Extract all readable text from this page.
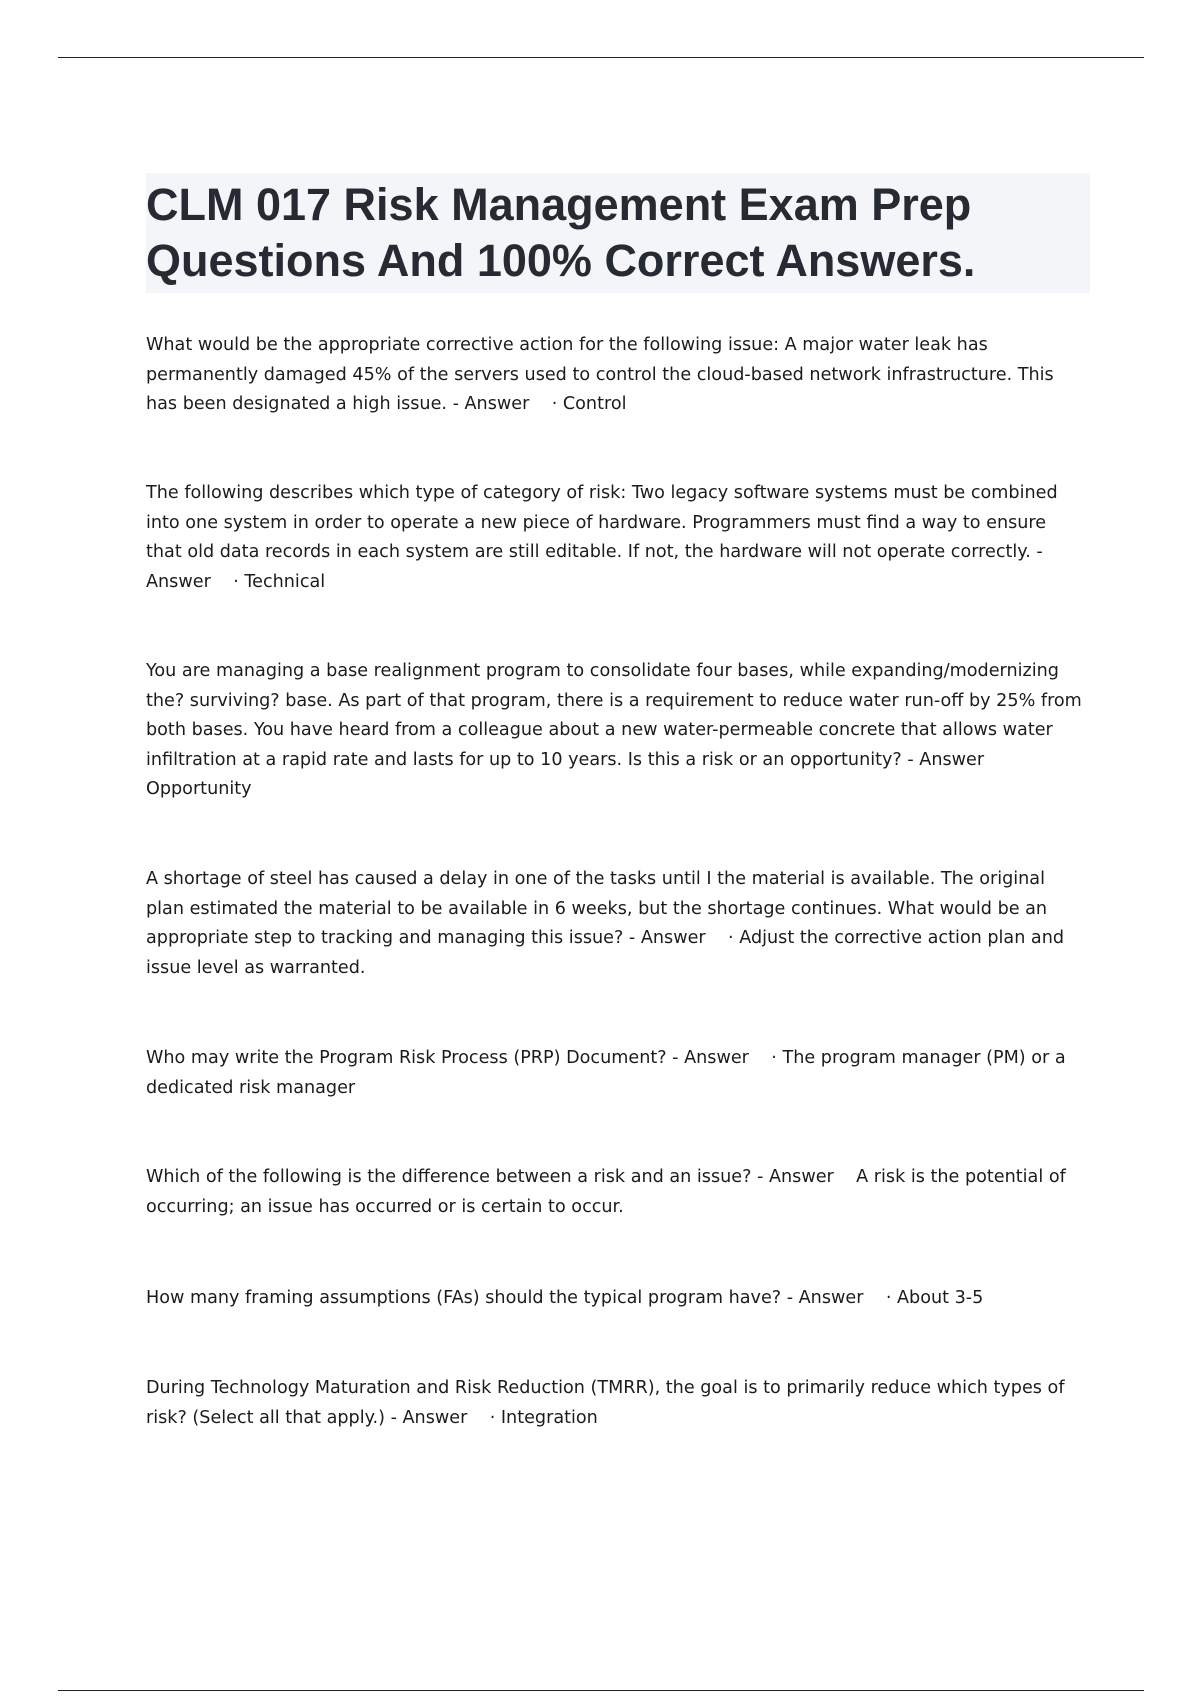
CLM 017 Risk Management Exam Prep Questions And 100% Correct Answers.

What would be the appropriate corrective action for the following issue: A major water leak has permanently damaged 45% of the servers used to control the cloud-based network infrastructure. This has been designated a high issue. - Answer · Control

The following describes which type of category of risk: Two legacy software systems must be combined into one system in order to operate a new piece of hardware. Programmers must find a way to ensure that old data records in each system are still editable. If not, the hardware will not operate correctly. - Answer · Technical

You are managing a base realignment program to consolidate four bases, while expanding/modernizing the? surviving? base. As part of that program, there is a requirement to reduce water run-off by 25% from both bases. You have heard from a colleague about a new water-permeable concrete that allows water infiltration at a rapid rate and lasts for up to 10 years. Is this a risk or an opportunity? - Answer Opportunity

A shortage of steel has caused a delay in one of the tasks until I the material is available. The original plan estimated the material to be available in 6 weeks, but the shortage continues. What would be an appropriate step to tracking and managing this issue? - Answer · Adjust the corrective action plan and issue level as warranted.

Who may write the Program Risk Process (PRP) Document? - Answer · The program manager (PM) or a dedicated risk manager

Which of the following is the difference between a risk and an issue? - Answer A risk is the potential of occurring; an issue has occurred or is certain to occur.

How many framing assumptions (FAs) should the typical program have? - Answer · About 3-5

During Technology Maturation and Risk Reduction (TMRR), the goal is to primarily reduce which types of risk? (Select all that apply.) - Answer · Integration
